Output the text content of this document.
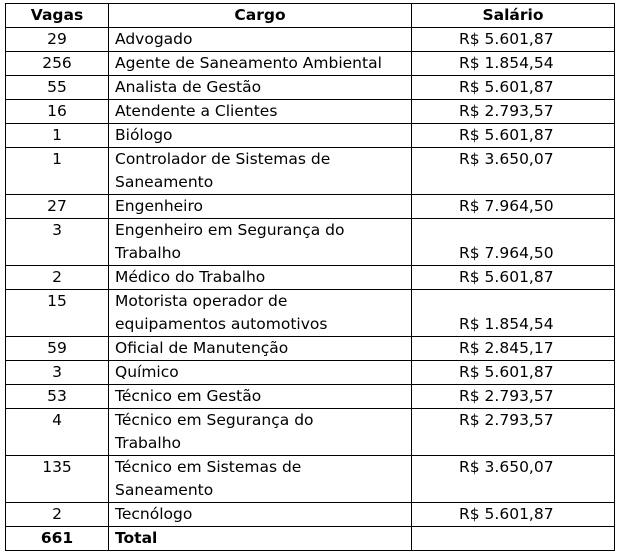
Vagas	Cargo	Salário
29	Advogado	R$ 5.601,87
256	Agente de Saneamento Ambiental	R$ 1.854,54
55	Analista de Gestão	R$ 5.601,87
16	Atendente a Clientes	R$ 2.793,57
1	Biólogo	R$ 5.601,87
1	Controlador de Sistemas de
Saneamento	R$ 3.650,07
27	Engenheiro	R$ 7.964,50
3	Engenheiro em Segurança do
Trabalho	R$ 7.964,50
2	Médico do Trabalho	R$ 5.601,87
15	Motorista operador de
equipamentos automotivos	R$ 1.854,54
59	Oficial de Manutenção	R$ 2.845,17
3	Químico	R$ 5.601,87
53	Técnico em Gestão	R$ 2.793,57
4	Técnico em Segurança do
Trabalho	R$ 2.793,57
135	Técnico em Sistemas de
Saneamento	R$ 3.650,07
2	Tecnólogo	R$ 5.601,87
661	Total	
